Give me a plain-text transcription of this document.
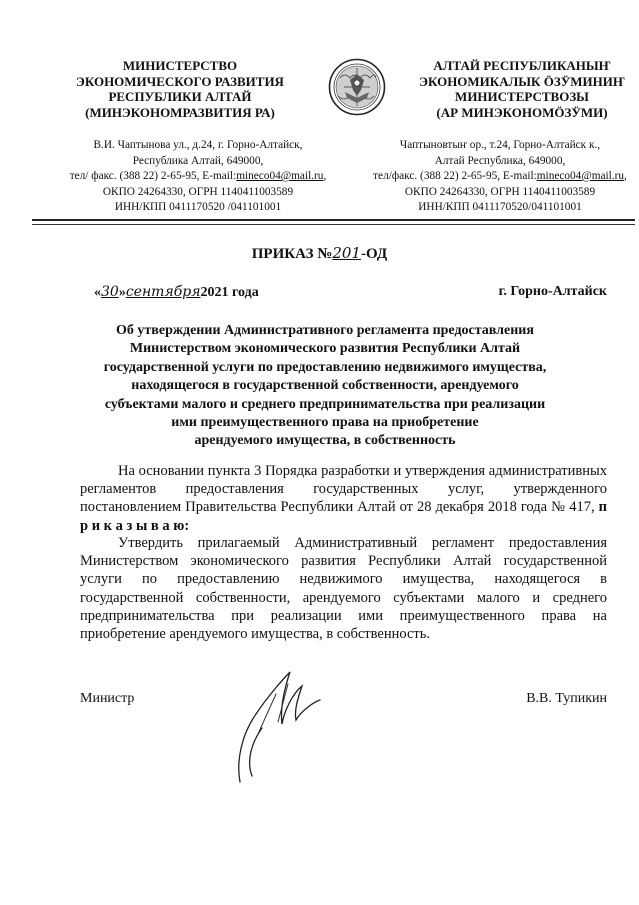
МИНИСТЕРСТВО
ЭКОНОМИЧЕСКОГО РАЗВИТИЯ
РЕСПУБЛИКИ АЛТАЙ
(МИНЭКОНОМРАЗВИТИЯ РА)
В.И. Чаптынова ул., д.24, г. Горно-Алтайск,
Республика Алтай, 649000,
тел/ факс. (388 22) 2-65-95, E-mail:mineco04@mail.ru,
ОКПО 24264330, ОГРН 1140411003589
ИНН/КПП 0411170520 /041101001
АЛТАЙ РЕСПУБЛИКАНЫҤ
ЭКОНОМИКАЛЫК ÖЗӰМИНИҤ
МИНИСТЕРСТВОЗЫ
(АР МИНЭКОНОМÖЗӰМИ)
Чаптыновтыҥ ор., т.24, Горно-Алтайск к.,
Алтай Республика, 649000,
тел/факс. (388 22) 2-65-95, E-mail:mineco04@mail.ru,
ОКПО 24264330, ОГРН 1140411003589
ИНН/КПП 0411170520/041101001
ПРИКАЗ №201-ОД
«30»сентября2021 года	г. Горно-Алтайск
Об утверждении Административного регламента предоставления
Министерством экономического развития Республики Алтай
государственной услуги по предоставлению недвижимого имущества,
находящегося в государственной собственности, арендуемого
субъектами малого и среднего предпринимательства при реализации
ими преимущественного права на приобретение
арендуемого имущества, в собственность

На основании пункта 3 Порядка разработки и утверждения административных регламентов предоставления государственных услуг, утвержденного постановлением Правительства Республики Алтай от 28 декабря 2018 года № 417, п р и к а з ы в а ю:

Утвердить прилагаемый Административный регламент предоставления Министерством экономического развития Республики Алтай государственной услуги по предоставлению недвижимого имущества, находящегося в государственной собственности, арендуемого субъектами малого и среднего предпринимательства при реализации ими преимущественного права на приобретение арендуемого имущества, в собственность.

Министр	В.В. Тупикин
